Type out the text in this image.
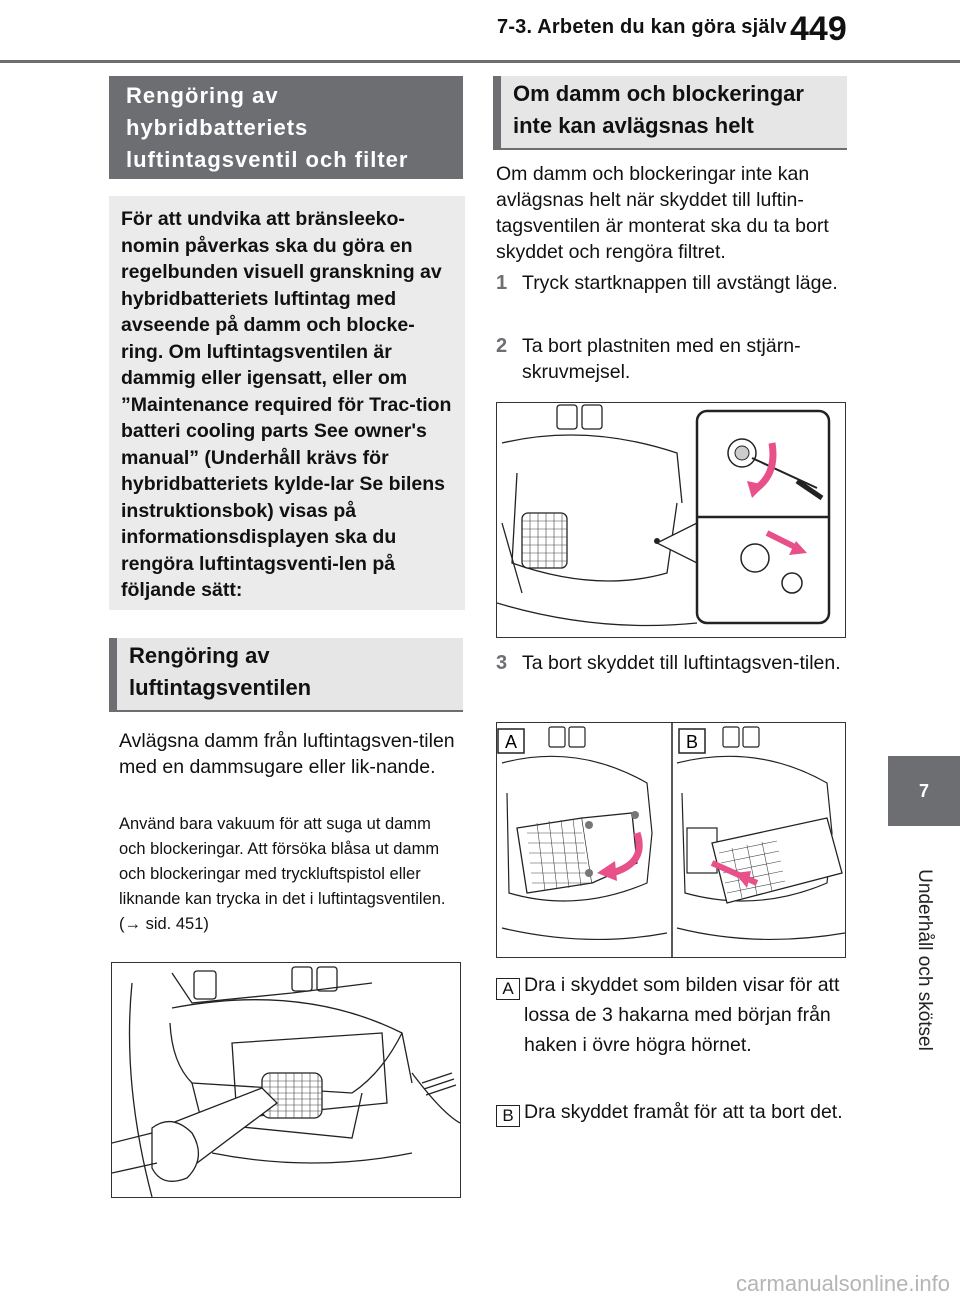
7-3. Arbeten du kan göra själv 449
7
Underhåll och skötsel
Rengöring av hybridbatteriets luftintagsventil och filter
För att undvika att bränsleeko-nomin påverkas ska du göra en regelbunden visuell granskning av hybridbatteriets luftintag med avseende på damm och blocke-ring. Om luftintagsventilen är dammig eller igensatt, eller om ”Maintenance required för Trac-tion batteri cooling parts See owner's manual” (Underhåll krävs för hybridbatteriets kylde-lar Se bilens instruktionsbok) visas på informationsdisplayen ska du rengöra luftintagsventi-len på följande sätt:
Rengöring av luftintagsventilen
Avlägsna damm från luftintagsven-tilen med en dammsugare eller lik-nande.
Använd bara vakuum för att suga ut damm och blockeringar. Att försöka blåsa ut damm och blockeringar med tryckluftspistol eller liknande kan trycka in det i luftintagsventilen. (→ sid. 451)
Om damm och blockeringar inte kan avlägsnas helt
Om damm och blockeringar inte kan avlägsnas helt när skyddet till luftin-tagsventilen är monterat ska du ta bort skyddet och rengöra filtret.
1 Tryck startknappen till avstängt läge.
2 Ta bort plastniten med en stjärn-skruvmejsel.
3 Ta bort skyddet till luftintagsven-tilen.
A	B
A Dra i skyddet som bilden visar för att lossa de 3 hakarna med början från haken i övre högra hörnet.
B Dra skyddet framåt för att ta bort det.
carmanualsonline.info
